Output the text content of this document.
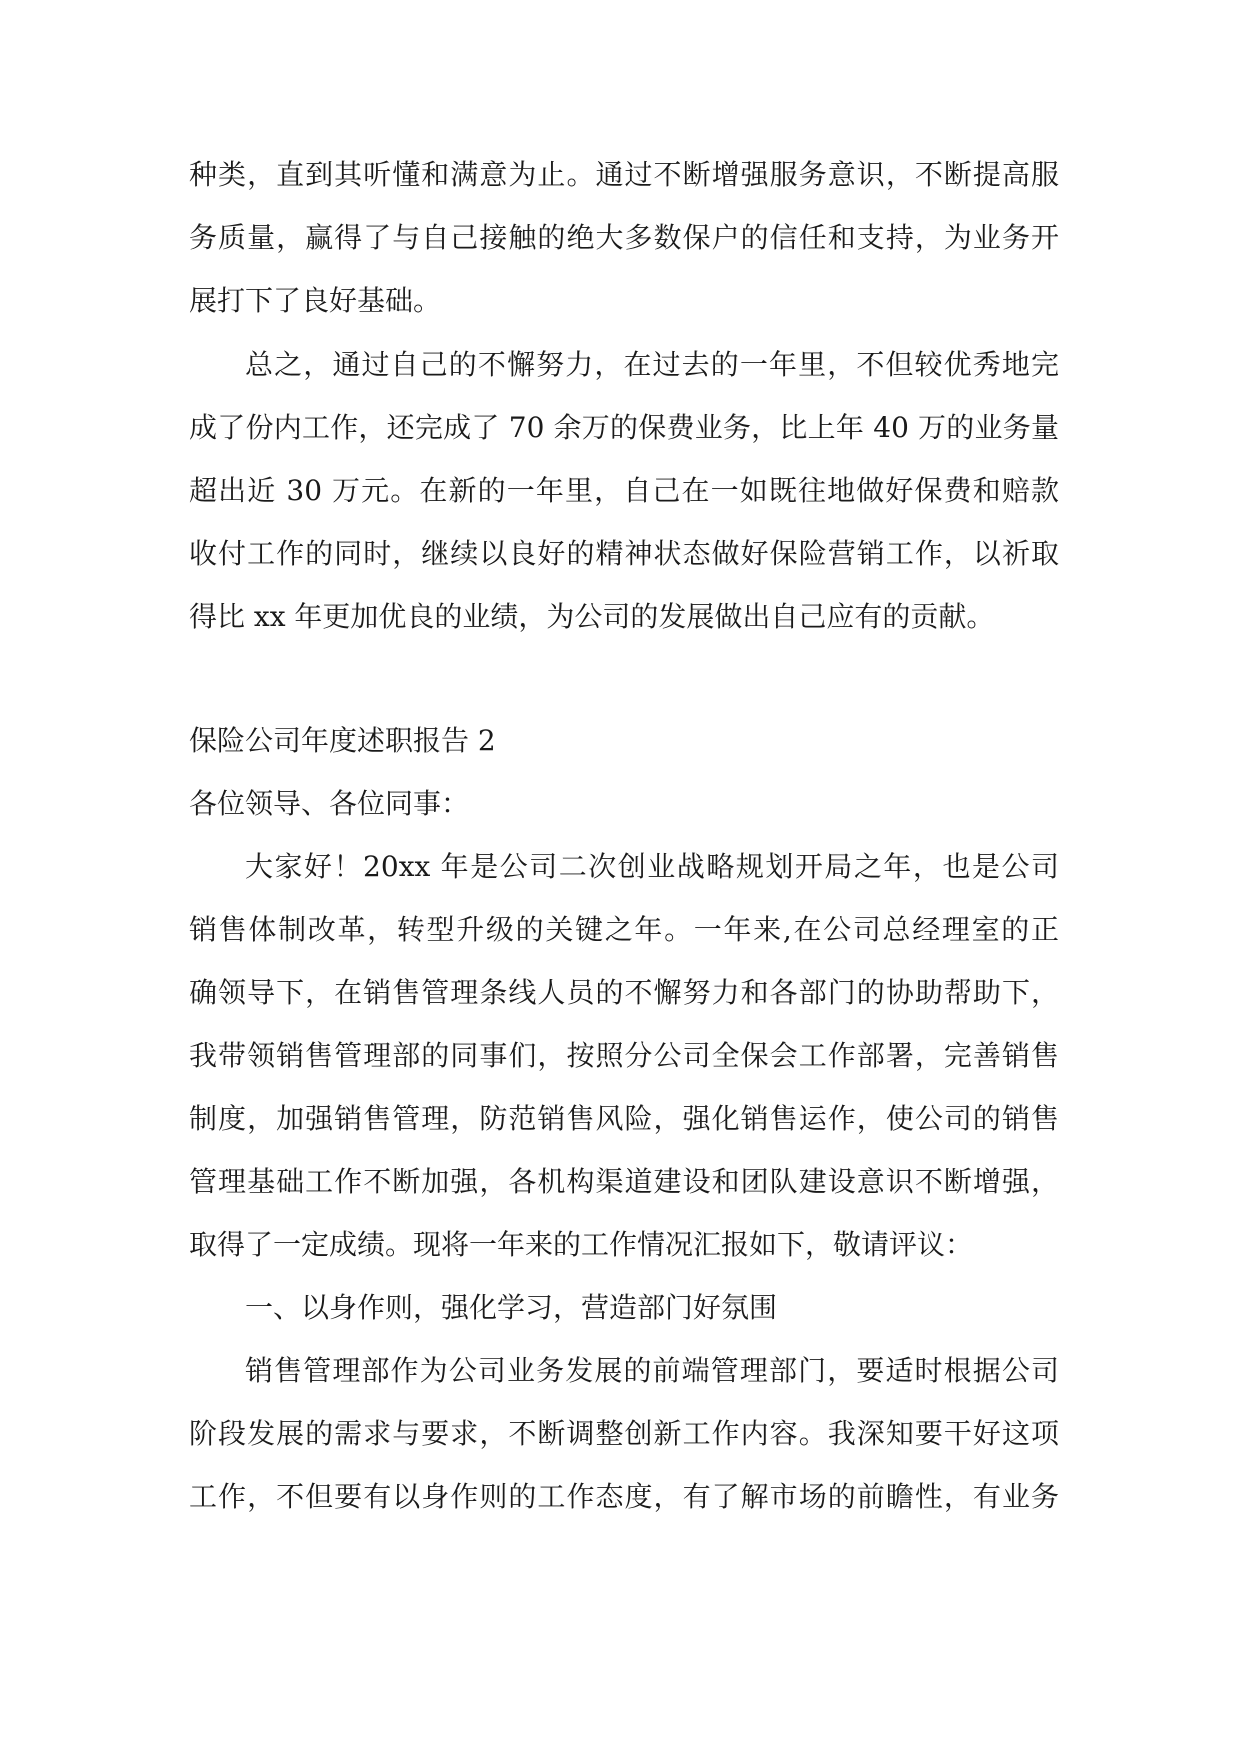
种类，直到其听懂和满意为止。通过不断增强服务意识，不断提高服
务质量，赢得了与自己接触的绝大多数保户的信任和支持，为业务开
展打下了良好基础。
总之，通过自己的不懈努力，在过去的一年里，不但较优秀地完
成了份内工作，还完成了 70 余万的保费业务，比上年 40 万的业务量
超出近 30 万元。在新的一年里，自己在一如既往地做好保费和赔款
收付工作的同时，继续以良好的精神状态做好保险营销工作，以祈取
得比 xx 年更加优良的业绩，为公司的发展做出自己应有的贡献。
保险公司年度述职报告 2
各位领导、各位同事：
大家好！20xx 年是公司二次创业战略规划开局之年，也是公司
销售体制改革，转型升级的关键之年。一年来,在公司总经理室的正
确领导下，在销售管理条线人员的不懈努力和各部门的协助帮助下，
我带领销售管理部的同事们，按照分公司全保会工作部署，完善销售
制度，加强销售管理，防范销售风险，强化销售运作，使公司的销售
管理基础工作不断加强，各机构渠道建设和团队建设意识不断增强，
取得了一定成绩。现将一年来的工作情况汇报如下，敬请评议：
一、以身作则，强化学习，营造部门好氛围
销售管理部作为公司业务发展的前端管理部门，要适时根据公司
阶段发展的需求与要求，不断调整创新工作内容。我深知要干好这项
工作，不但要有以身作则的工作态度，有了解市场的前瞻性，有业务
